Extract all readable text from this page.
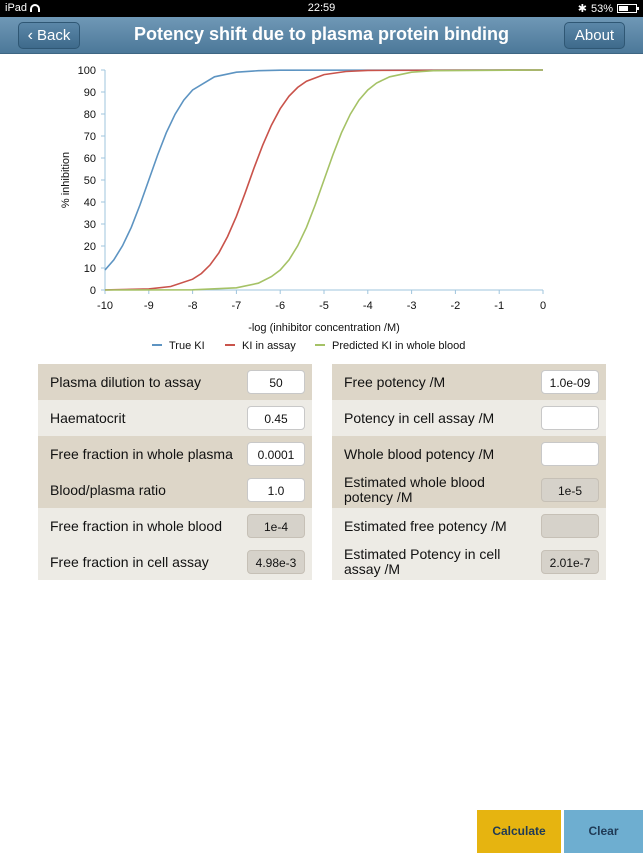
iPad	22:59	✱ 53%
‹ Back	Potency shift due to plasma protein binding	About
0
10
20
30
40
50
60
70
80
90
100
-10	-9	-8	-7	-6	-5	-4	-3	-2	-1	0
-log (inhibitor concentration /M)
% inhibition
True KI	KI in assay	Predicted KI in whole blood
Plasma dilution to assay	50
Haematocrit	0.45
Free fraction in whole plasma	0.0001
Blood/plasma ratio	1.0
Free fraction in whole blood	1e-4
Free fraction in cell assay	4.98e-3
Free potency /M	1.0e-09
Potency in cell assay /M
Whole blood potency /M
Estimated whole blood potency /M	1e-5
Estimated free potency /M
Estimated Potency in cell assay /M	2.01e-7
Calculate	Clear
